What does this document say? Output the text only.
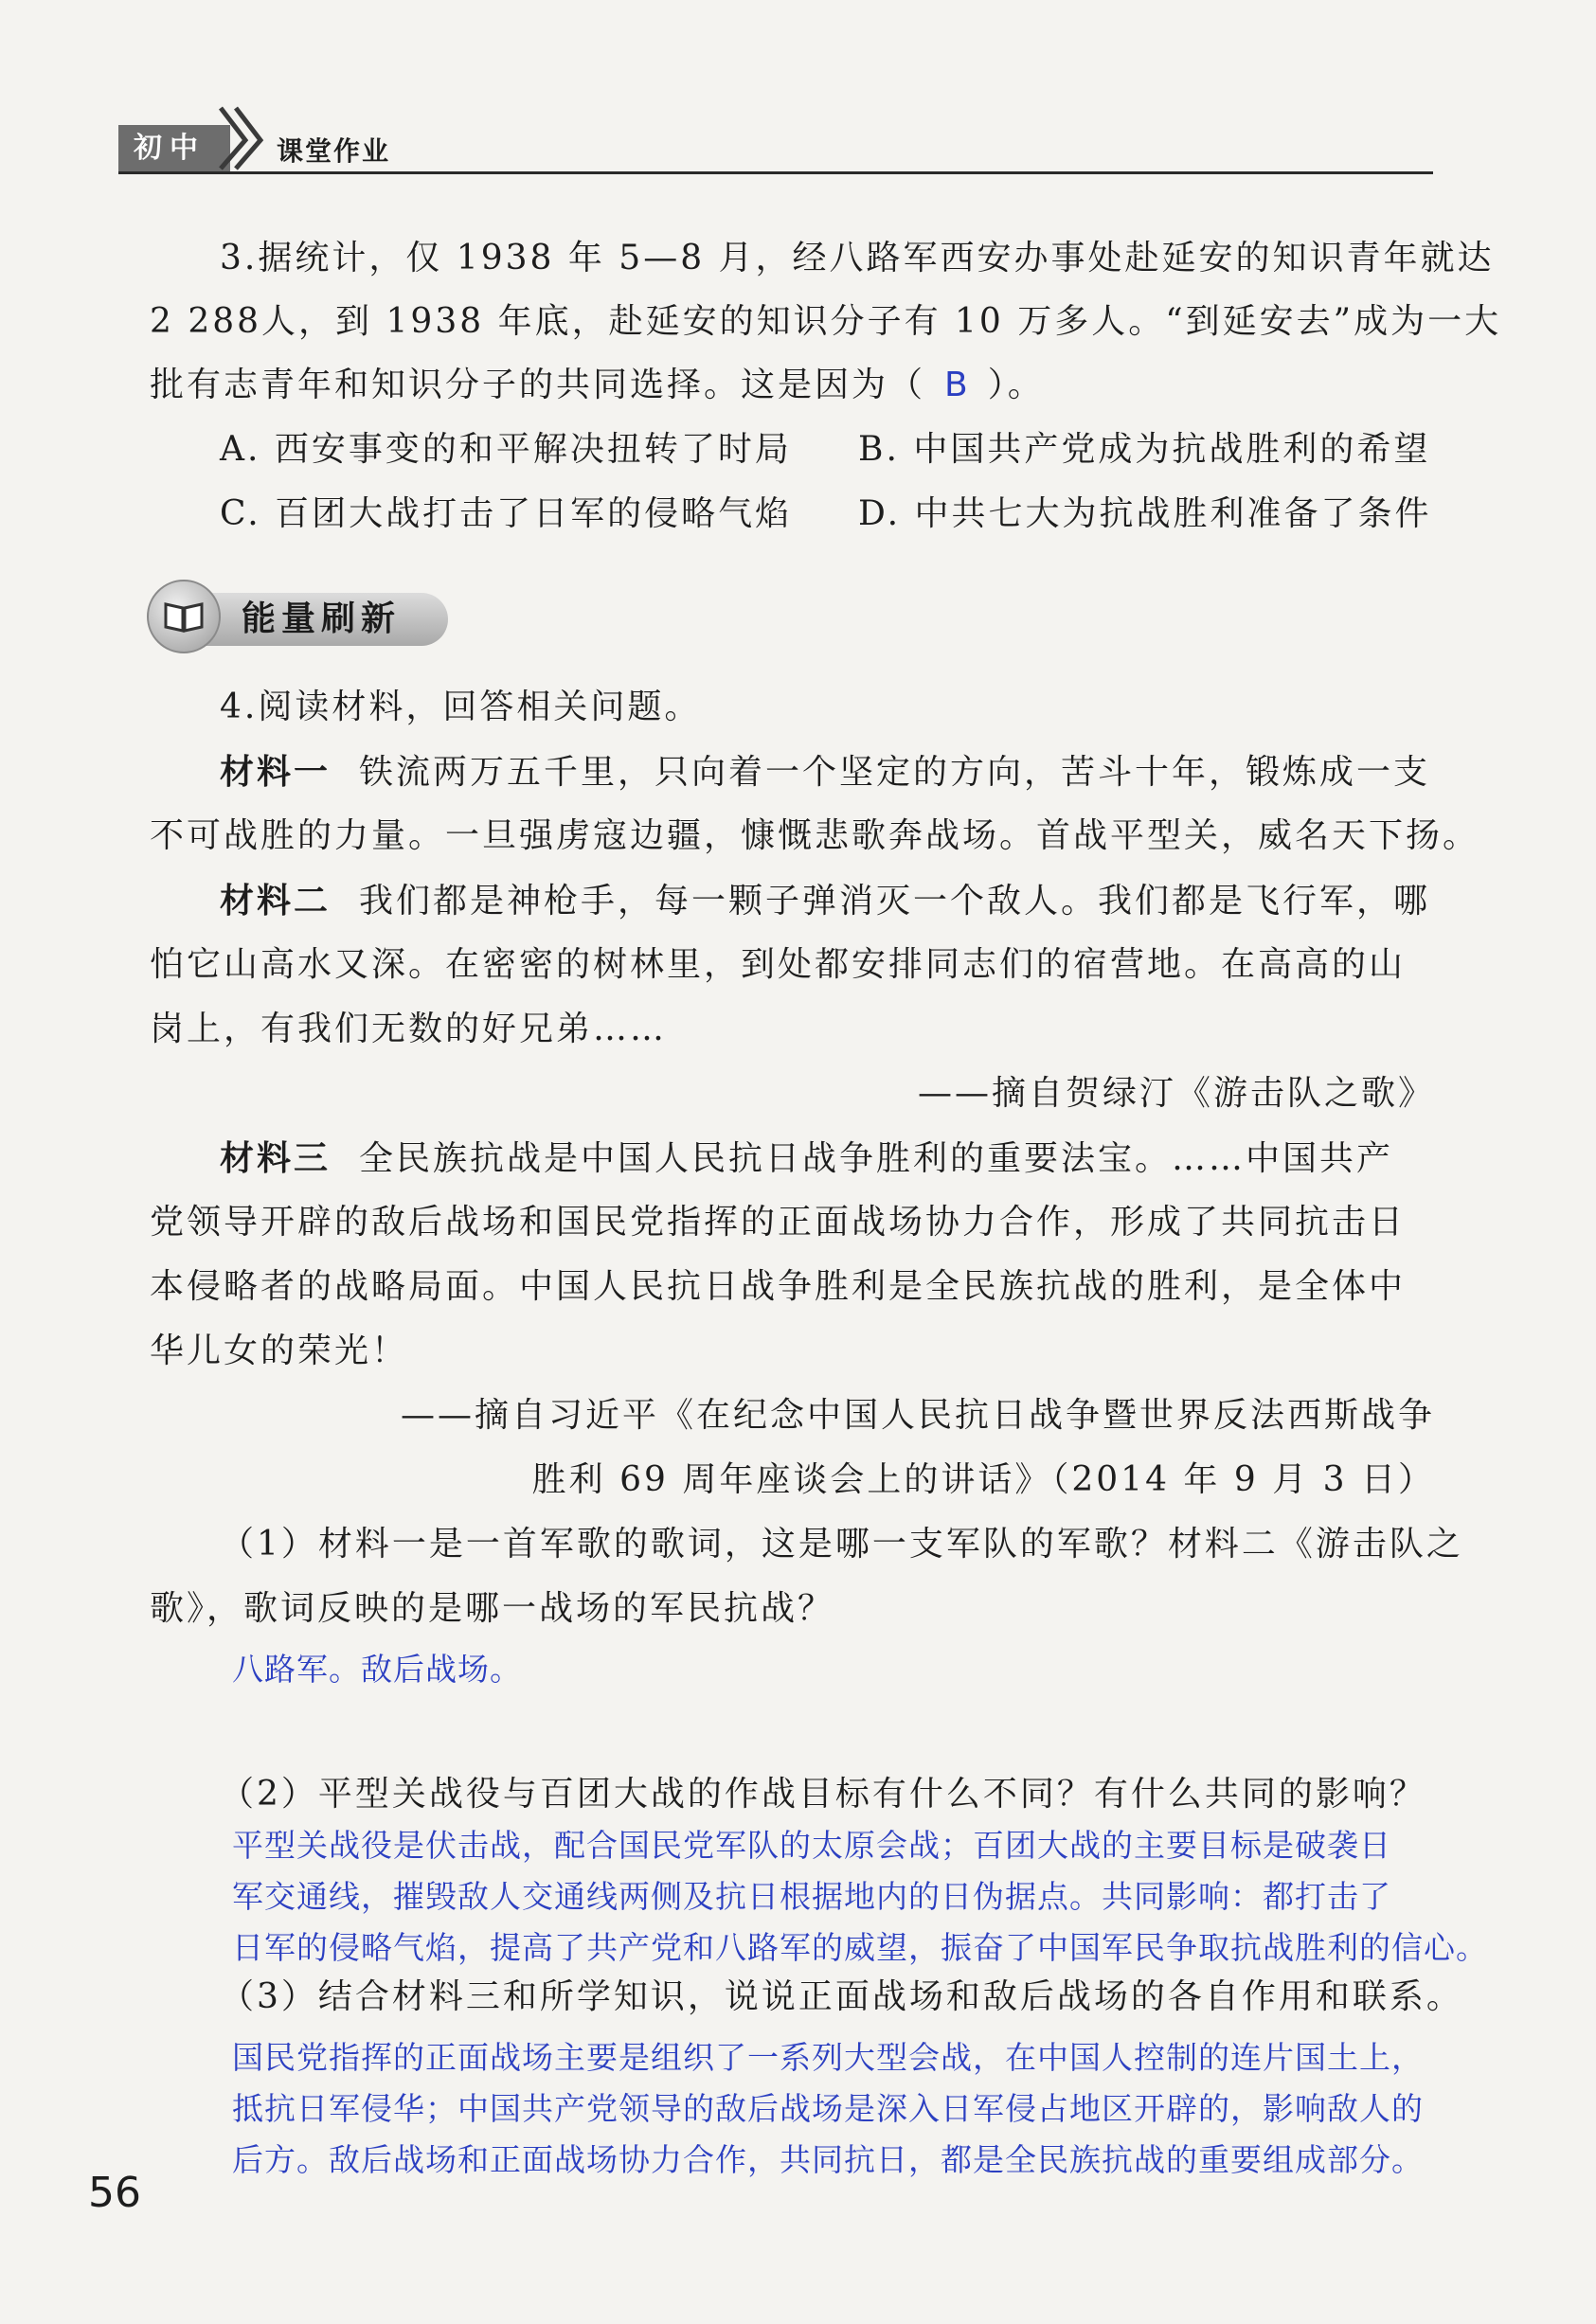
初中	课堂作业
3.据统计，仅 1938 年 5—8 月，经八路军西安办事处赴延安的知识青年就达
2 288人，到 1938 年底，赴延安的知识分子有 10 万多人。“到延安去”成为一大
批有志青年和知识分子的共同选择。这是因为（ B ）。
A. 西安事变的和平解决扭转了时局 B. 中国共产党成为抗战胜利的希望
C. 百团大战打击了日军的侵略气焰 D. 中共七大为抗战胜利准备了条件
能量刷新
4.阅读材料，回答相关问题。
材料一 铁流两万五千里，只向着一个坚定的方向，苦斗十年，锻炼成一支
不可战胜的力量。一旦强虏寇边疆，慷慨悲歌奔战场。首战平型关，威名天下扬。
材料二 我们都是神枪手，每一颗子弹消灭一个敌人。我们都是飞行军，哪
怕它山高水又深。在密密的树林里，到处都安排同志们的宿营地。在高高的山
岗上，有我们无数的好兄弟……
——摘自贺绿汀《游击队之歌》
材料三 全民族抗战是中国人民抗日战争胜利的重要法宝。……中国共产
党领导开辟的敌后战场和国民党指挥的正面战场协力合作，形成了共同抗击日
本侵略者的战略局面。中国人民抗日战争胜利是全民族抗战的胜利，是全体中
华儿女的荣光！
——摘自习近平《在纪念中国人民抗日战争暨世界反法西斯战争
胜利 69 周年座谈会上的讲话》（2014 年 9 月 3 日）
（1）材料一是一首军歌的歌词，这是哪一支军队的军歌？材料二《游击队之
歌》，歌词反映的是哪一战场的军民抗战？
八路军。敌后战场。
（2）平型关战役与百团大战的作战目标有什么不同？有什么共同的影响？
平型关战役是伏击战，配合国民党军队的太原会战；百团大战的主要目标是破袭日
军交通线，摧毁敌人交通线两侧及抗日根据地内的日伪据点。共同影响：都打击了
日军的侵略气焰，提高了共产党和八路军的威望，振奋了中国军民争取抗战胜利的信心。
（3）结合材料三和所学知识，说说正面战场和敌后战场的各自作用和联系。
国民党指挥的正面战场主要是组织了一系列大型会战，在中国人控制的连片国土上，
抵抗日军侵华；中国共产党领导的敌后战场是深入日军侵占地区开辟的，影响敌人的
后方。敌后战场和正面战场协力合作，共同抗日，都是全民族抗战的重要组成部分。
56
